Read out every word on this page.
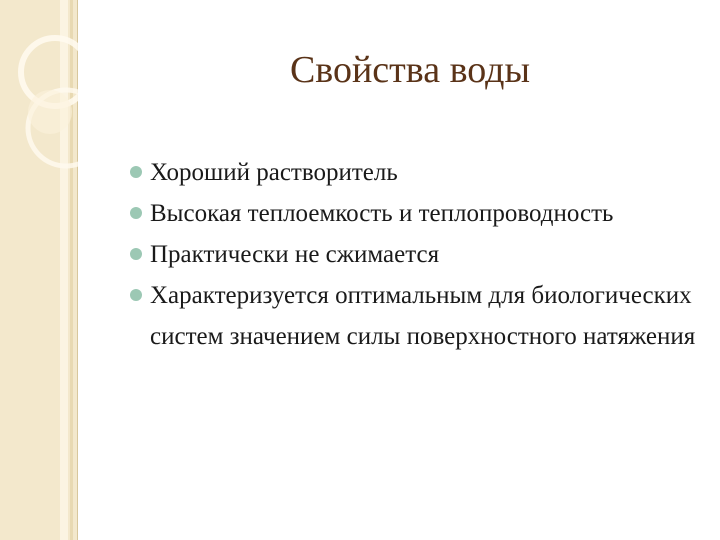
Свойства воды
Хороший растворитель
Высокая теплоемкость и теплопроводность
Практически не сжимается
Характеризуется оптимальным для биологических систем значением силы поверхностного натяжения
